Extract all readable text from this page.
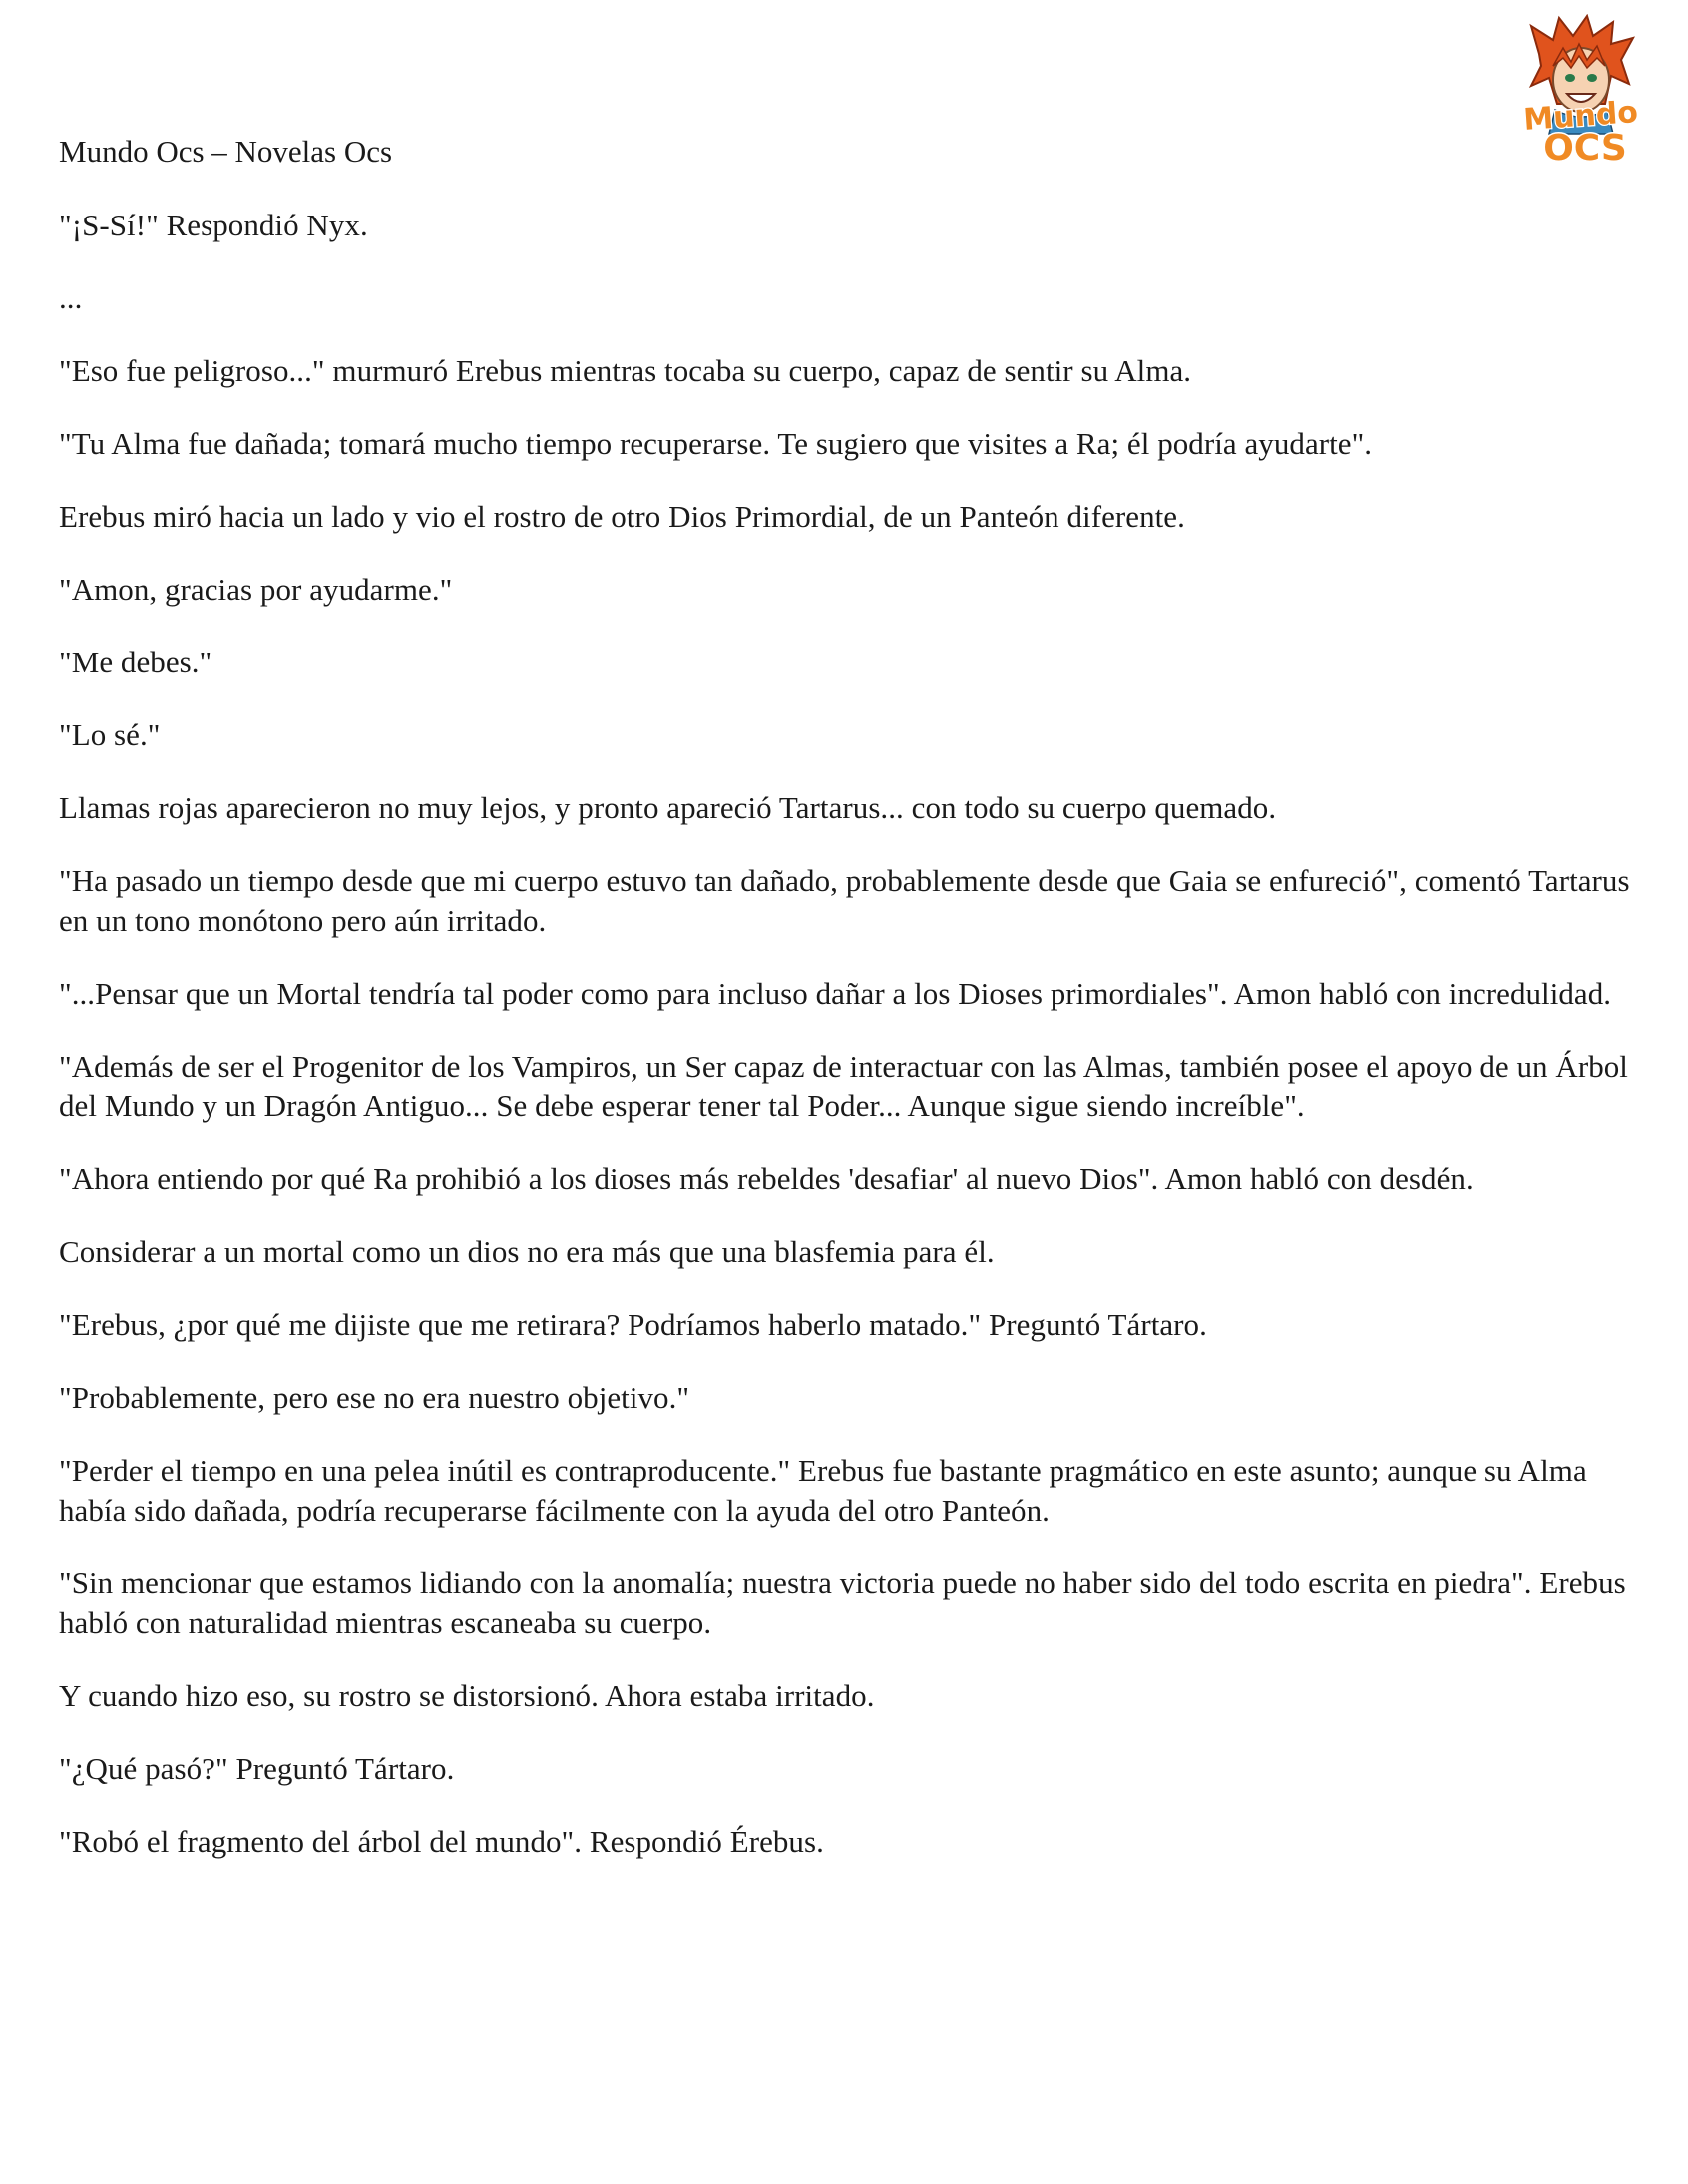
Mundo Ocs – Novelas Ocs
Mundo
OCS

"¡S-Sí!" Respondió Nyx.

...

"Eso fue peligroso..." murmuró Erebus mientras tocaba su cuerpo, capaz de sentir su Alma.

"Tu Alma fue dañada; tomará mucho tiempo recuperarse. Te sugiero que visites a Ra; él podría ayudarte".

Erebus miró hacia un lado y vio el rostro de otro Dios Primordial, de un Panteón diferente.

"Amon, gracias por ayudarme."

"Me debes."

"Lo sé."

Llamas rojas aparecieron no muy lejos, y pronto apareció Tartarus... con todo su cuerpo quemado.

"Ha pasado un tiempo desde que mi cuerpo estuvo tan dañado, probablemente desde que Gaia se enfureció", comentó Tartarus en un tono monótono pero aún irritado.

"...Pensar que un Mortal tendría tal poder como para incluso dañar a los Dioses primordiales". Amon habló con incredulidad.

"Además de ser el Progenitor de los Vampiros, un Ser capaz de interactuar con las Almas, también posee el apoyo de un Árbol del Mundo y un Dragón Antiguo... Se debe esperar tener tal Poder... Aunque sigue siendo increíble".

"Ahora entiendo por qué Ra prohibió a los dioses más rebeldes 'desafiar' al nuevo Dios". Amon habló con desdén.

Considerar a un mortal como un dios no era más que una blasfemia para él.

"Erebus, ¿por qué me dijiste que me retirara? Podríamos haberlo matado." Preguntó Tártaro.

"Probablemente, pero ese no era nuestro objetivo."

"Perder el tiempo en una pelea inútil es contraproducente." Erebus fue bastante pragmático en este asunto; aunque su Alma había sido dañada, podría recuperarse fácilmente con la ayuda del otro Panteón.

"Sin mencionar que estamos lidiando con la anomalía; nuestra victoria puede no haber sido del todo escrita en piedra". Erebus habló con naturalidad mientras escaneaba su cuerpo.

Y cuando hizo eso, su rostro se distorsionó. Ahora estaba irritado.

"¿Qué pasó?" Preguntó Tártaro.

"Robó el fragmento del árbol del mundo". Respondió Érebus.
